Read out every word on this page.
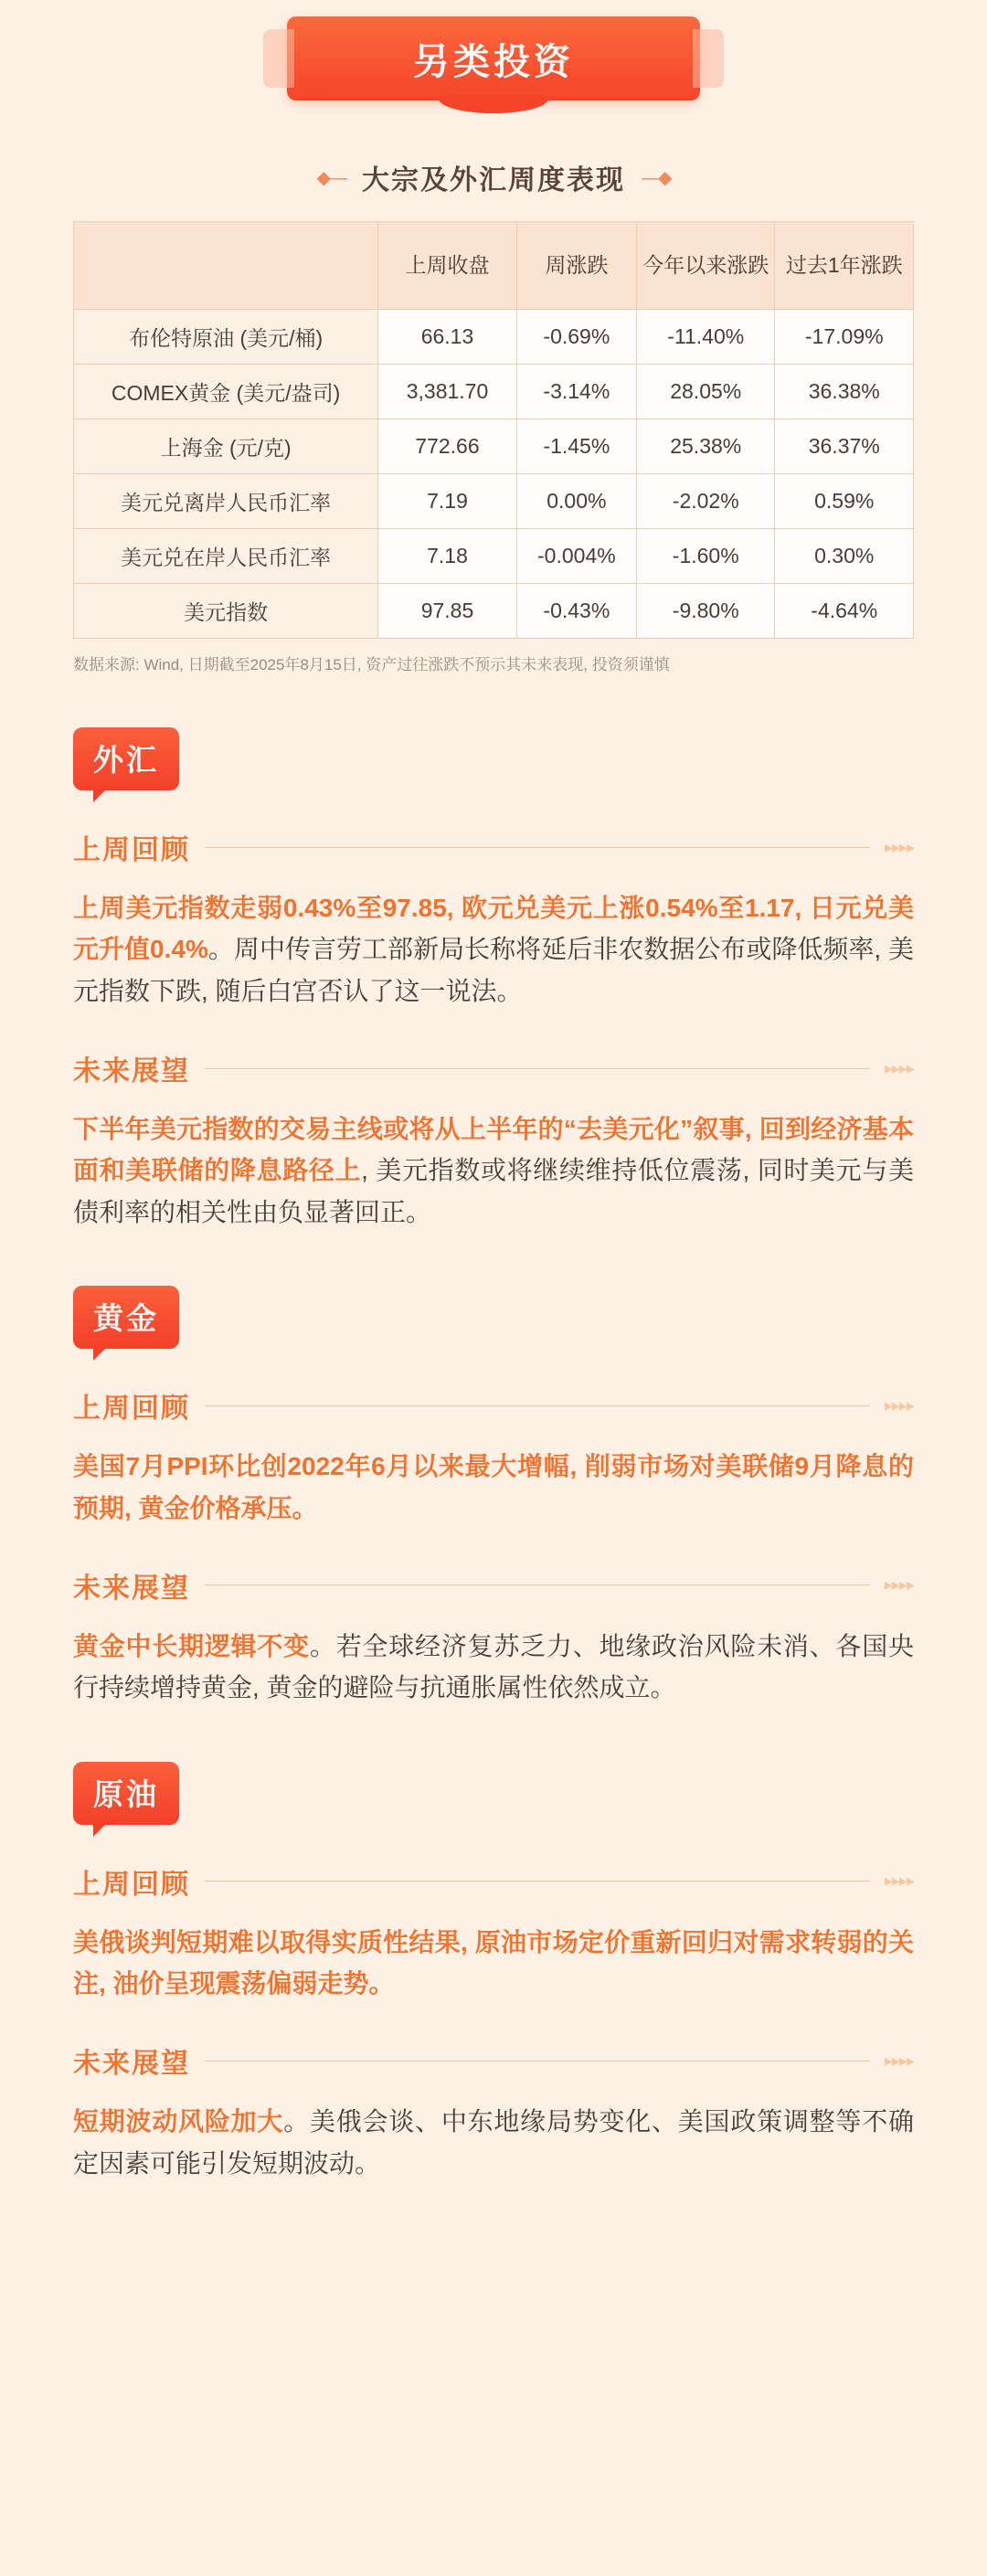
另类投资
◆— 大宗及外汇周度表现 —◆
	上周收盘	周涨跌	今年以来涨跌	过去1年涨跌
布伦特原油 (美元/桶)	66.13	-0.69%	-11.40%	-17.09%
COMEX黄金 (美元/盎司)	3,381.70	-3.14%	28.05%	36.38%
上海金 (元/克)	772.66	-1.45%	25.38%	36.37%
美元兑离岸人民币汇率	7.19	0.00%	-2.02%	0.59%
美元兑在岸人民币汇率	7.18	-0.004%	-1.60%	0.30%
美元指数	97.85	-0.43%	-9.80%	-4.64%
数据来源: Wind, 日期截至2025年8月15日, 资产过往涨跌不预示其未来表现, 投资须谨慎
外汇
上周回顾	▸▸▸▸

上周美元指数走弱0.43%至97.85, 欧元兑美元上涨0.54%至1.17, 日元兑美元升值0.4%。周中传言劳工部新局长称将延后非农数据公布或降低频率, 美元指数下跌, 随后白宫否认了这一说法。

未来展望	▸▸▸▸

下半年美元指数的交易主线或将从上半年的“去美元化”叙事, 回到经济基本面和美联储的降息路径上, 美元指数或将继续维持低位震荡, 同时美元与美债利率的相关性由负显著回正。

黄金
上周回顾	▸▸▸▸

美国7月PPI环比创2022年6月以来最大增幅, 削弱市场对美联储9月降息的预期, 黄金价格承压。

未来展望	▸▸▸▸

黄金中长期逻辑不变。若全球经济复苏乏力、地缘政治风险未消、各国央行持续增持黄金, 黄金的避险与抗通胀属性依然成立。

原油
上周回顾	▸▸▸▸

美俄谈判短期难以取得实质性结果, 原油市场定价重新回归对需求转弱的关注, 油价呈现震荡偏弱走势。

未来展望	▸▸▸▸

短期波动风险加大。美俄会谈、中东地缘局势变化、美国政策调整等不确定因素可能引发短期波动。
